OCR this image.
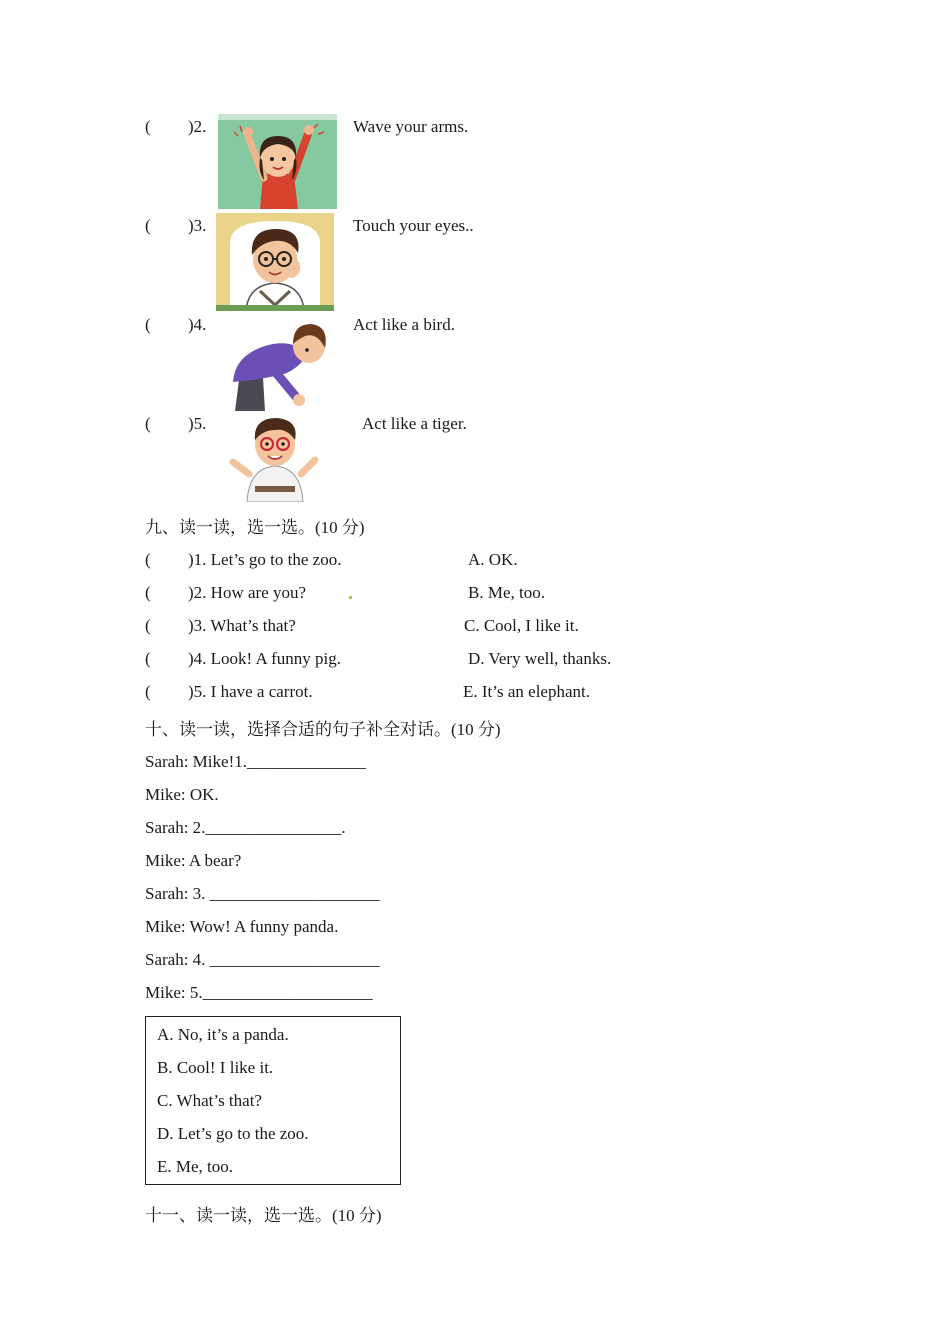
( )2.	Wave your arms.
( )3.	Touch your eyes..
( )4.	Act like a bird.
( )5.	Act like a tiger.
九、读一读，选一选。(10 分)
( )1. Let’s go to the zoo.	A. OK.
( )2. How are you?	B. Me, too.
( )3. What’s that?	C. Cool, I like it.
( )4. Look! A funny pig.	D. Very well, thanks.
( )5. I have a carrot.	E. It’s an elephant.
十、读一读，选择合适的句子补全对话。(10 分)
Sarah: Mike!1.______________
Mike: OK.
Sarah: 2.________________.
Mike: A bear?
Sarah: 3. ____________________
Mike: Wow! A funny panda.
Sarah: 4. ____________________
Mike: 5.____________________
A. No, it’s a panda.
B. Cool! I like it.
C. What’s that?
D. Let’s go to the zoo.
E. Me, too.
十一、读一读，选一选。(10 分)
